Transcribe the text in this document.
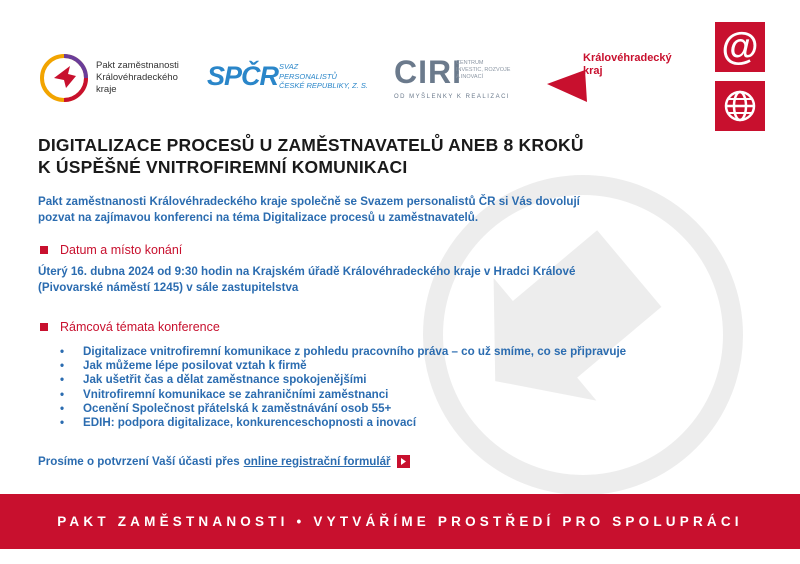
Pakt zaměstnanosti
Královéhradeckého
kraje	SPČR SVAZ
PERSONALISTŮ
ČESKÉ REPUBLIKY, Z. S. CIRI
CENTRUM
INVESTIC, ROZVOJE
A INOVACÍ
OD MYŠLENKY K REALIZACI
Královéhradecký
kraj
@
DIGITALIZACE PROCESŮ U ZAMĚSTNAVATELŮ ANEB 8 KROKŮ
K ÚSPĚŠNÉ VNITROFIREMNÍ KOMUNIKACI
Pakt zaměstnanosti Královéhradeckého kraje společně se Svazem personalistů ČR si Vás dovolují
pozvat na zajímavou konferenci na téma Digitalizace procesů u zaměstnavatelů.
Datum a místo konání
Úterý 16. dubna 2024 od 9:30 hodin na Krajském úřadě Královéhradeckého kraje v Hradci Králové
(Pivovarské náměstí 1245) v sále zastupitelstva
Rámcová témata konference
• Digitalizace vnitrofiremní komunikace z pohledu pracovního práva – co už smíme, co se připravuje
• Jak můžeme lépe posilovat vztah k firmě
• Jak ušetřit čas a dělat zaměstnance spokojenějšími
• Vnitrofiremní komunikace se zahraničními zaměstnanci
• Ocenění Společnost přátelská k zaměstnávání osob 55+
• EDIH: podpora digitalizace, konkurenceschopnosti a inovací
Prosíme o potvrzení Vaší účasti přes online registrační formulář
PAKT ZAMĚSTNANOSTI • VYTVÁŘÍME PROSTŘEDÍ PRO SPOLUPRÁCI
